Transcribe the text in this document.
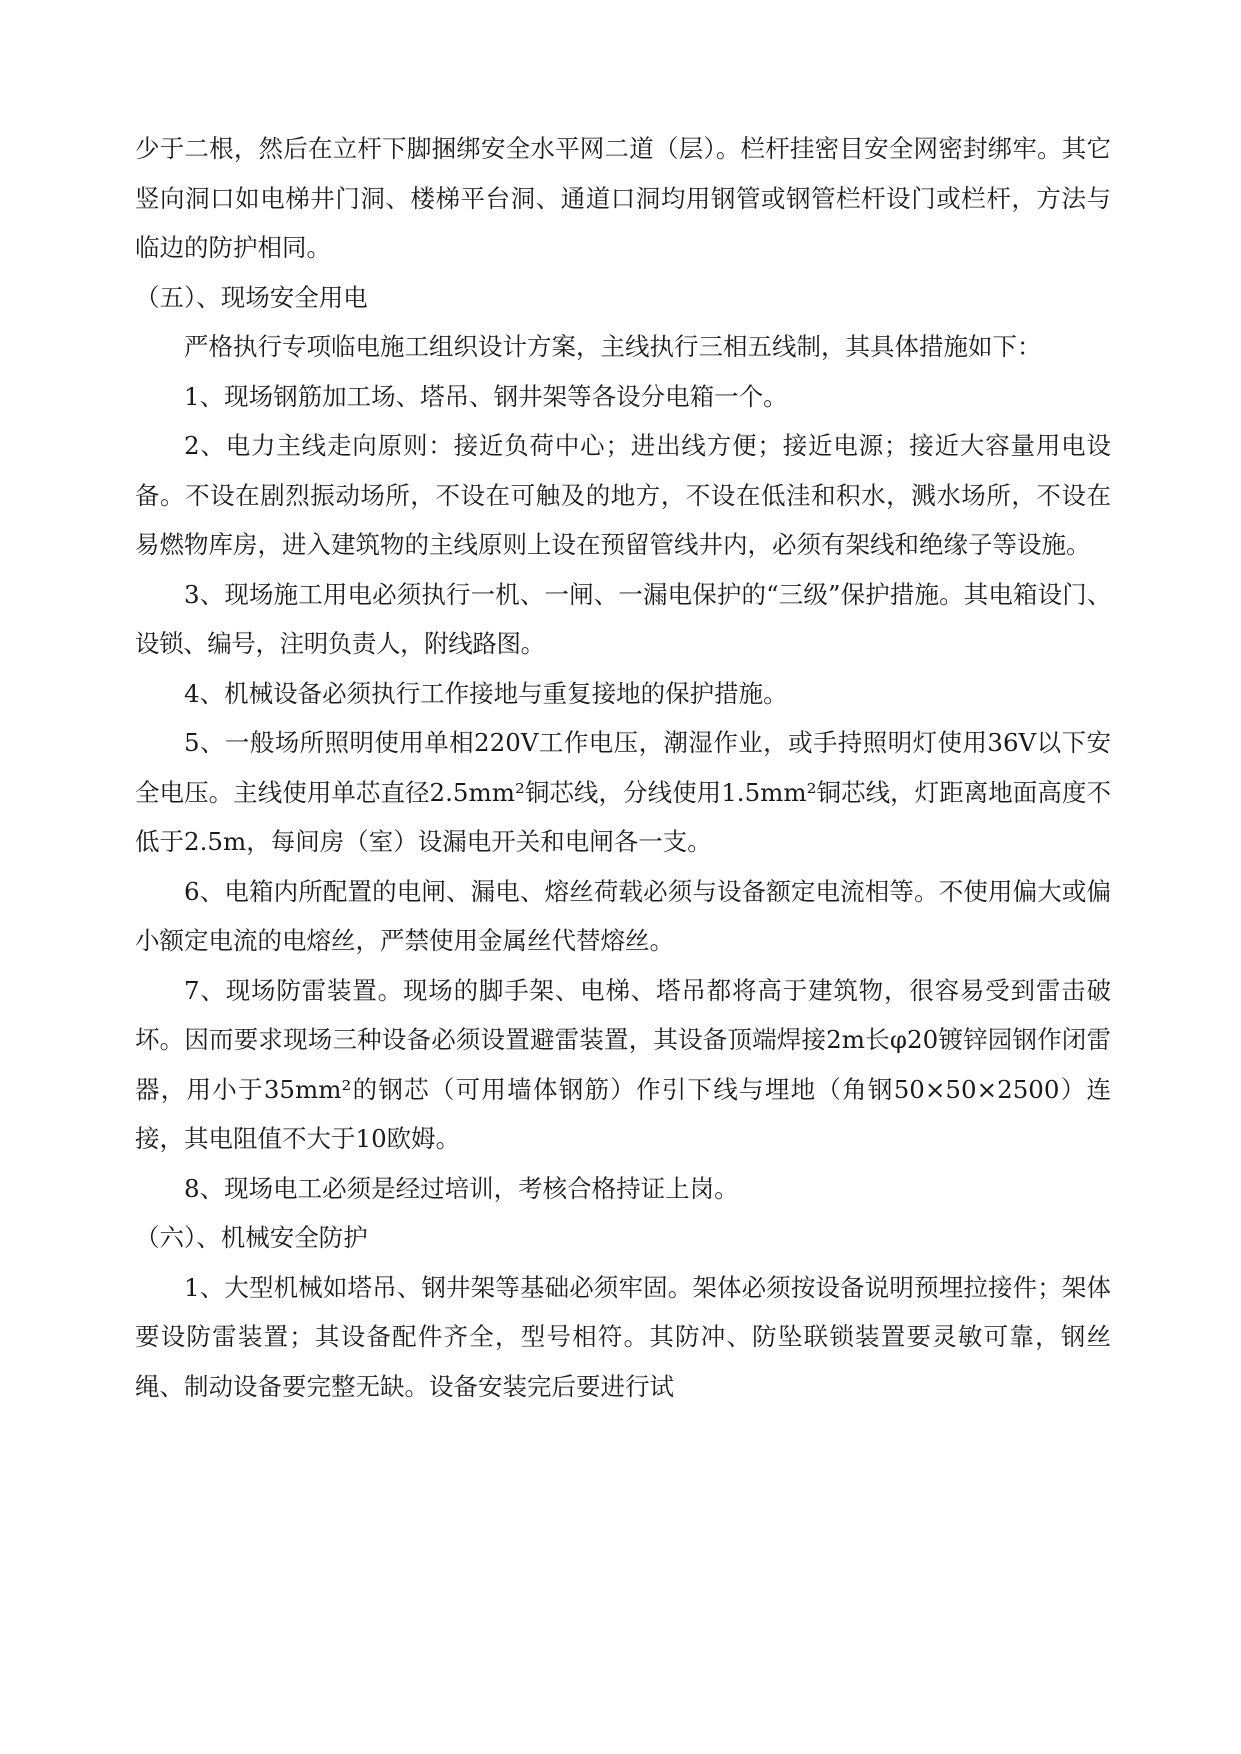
少于二根，然后在立杆下脚捆绑安全水平网二道（层）。栏杆挂密目安全网密封绑牢。其它竖向洞口如电梯井门洞、楼梯平台洞、通道口洞均用钢管或钢管栏杆设门或栏杆，方法与临边的防护相同。

（五）、现场安全用电

严格执行专项临电施工组织设计方案，主线执行三相五线制，其具体措施如下：

1、现场钢筋加工场、塔吊、钢井架等各设分电箱一个。

2、电力主线走向原则：接近负荷中心；进出线方便；接近电源；接近大容量用电设备。不设在剧烈振动场所，不设在可触及的地方，不设在低洼和积水，溅水场所，不设在易燃物库房，进入建筑物的主线原则上设在预留管线井内，必须有架线和绝缘子等设施。

3、现场施工用电必须执行一机、一闸、一漏电保护的“三级”保护措施。其电箱设门、设锁、编号，注明负责人，附线路图。

4、机械设备必须执行工作接地与重复接地的保护措施。

5、一般场所照明使用单相220V工作电压，潮湿作业，或手持照明灯使用36V以下安全电压。主线使用单芯直径2.5mm²铜芯线，分线使用1.5mm²铜芯线，灯距离地面高度不低于2.5m，每间房（室）设漏电开关和电闸各一支。

6、电箱内所配置的电闸、漏电、熔丝荷载必须与设备额定电流相等。不使用偏大或偏小额定电流的电熔丝，严禁使用金属丝代替熔丝。

7、现场防雷装置。现场的脚手架、电梯、塔吊都将高于建筑物，很容易受到雷击破坏。因而要求现场三种设备必须设置避雷装置，其设备顶端焊接2m长φ20镀锌园钢作闭雷器，用小于35mm²的钢芯（可用墙体钢筋）作引下线与埋地（角钢50×50×2500）连接，其电阻值不大于10欧姆。

8、现场电工必须是经过培训，考核合格持证上岗。

（六）、机械安全防护

1、大型机械如塔吊、钢井架等基础必须牢固。架体必须按设备说明预埋拉接件；架体要设防雷装置；其设备配件齐全，型号相符。其防冲、防坠联锁装置要灵敏可靠，钢丝绳、制动设备要完整无缺。设备安装完后要进行试
